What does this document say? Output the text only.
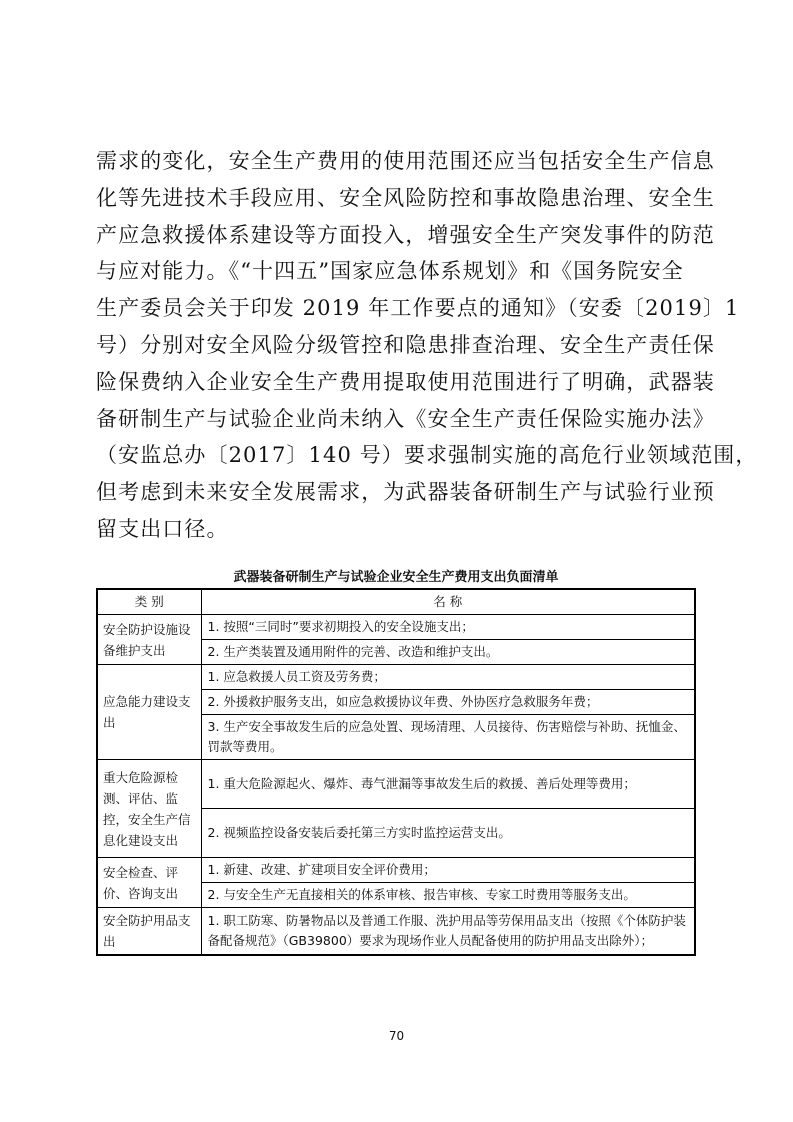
需求的变化，安全生产费用的使用范围还应当包括安全生产信息
化等先进技术手段应用、安全风险防控和事故隐患治理、安全生
产应急救援体系建设等方面投入，增强安全生产突发事件的防范
与应对能力。《“十四五”国家应急体系规划》和《国务院安全
生产委员会关于印发 2019 年工作要点的通知》（安委〔2019〕1
号）分别对安全风险分级管控和隐患排查治理、安全生产责任保
险保费纳入企业安全生产费用提取使用范围进行了明确，武器装
备研制生产与试验企业尚未纳入《安全生产责任保险实施办法》
（安监总办〔2017〕140 号）要求强制实施的高危行业领域范围，
但考虑到未来安全发展需求，为武器装备研制生产与试验行业预
留支出口径。
武器装备研制生产与试验企业安全生产费用支出负面清单
类 别	名 称
安全防护设施设备维护支出	1. 按照“三同时”要求初期投入的安全设施支出；
	2. 生产类装置及通用附件的完善、改造和维护支出。
应急能力建设支出	1. 应急救援人员工资及劳务费；
	2. 外援救护服务支出，如应急救援协议年费、外协医疗急救服务年费；
	3. 生产安全事故发生后的应急处置、现场清理、人员接待、伤害赔偿与补助、抚恤金、罚款等费用。
重大危险源检测、评估、监控，安全生产信息化建设支出	1. 重大危险源起火、爆炸、毒气泄漏等事故发生后的救援、善后处理等费用；
	2. 视频监控设备安装后委托第三方实时监控运营支出。
安全检查、评价、咨询支出	1. 新建、改建、扩建项目安全评价费用；
	2. 与安全生产无直接相关的体系审核、报告审核、专家工时费用等服务支出。
安全防护用品支出	1. 职工防寒、防暑物品以及普通工作服、洗护用品等劳保用品支出（按照《个体防护装备配备规范》（GB39800）要求为现场作业人员配备使用的防护用品支出除外）；
70
